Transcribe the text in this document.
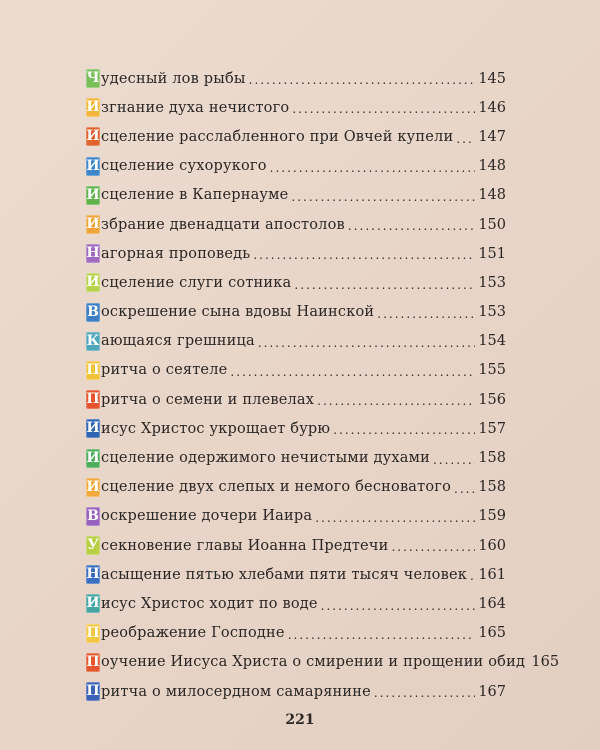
Ч удесный лов рыбы .....	145
И згнание духа нечистого .....	146
И сцеление расслабленного при Овчей купели ..... 147
И сцеление сухорукого .....	148
И сцеление в Капернауме .....	148
И збрание двенадцати апостолов .....	150
Н агорная проповедь .....	151
И сцеление слуги сотника .....	153
В оскрешение сына вдовы Наинской .....	153
К ающаяся грешница .....	154
П ритча о сеятеле .....	155
П ритча о семени и плевелах .....	156
И исус Христос укрощает бурю .....	157
И сцеление одержимого нечистыми духами .....	158
И сцеление двух слепых и немого бесноватого ..... 158
В оскрешение дочери Иаира .....	159
У секновение главы Иоанна Предтечи .....	160
Н асыщение пятью хлебами пяти тысяч человек ..... 161
И исус Христос ходит по воде .....	164
П реображение Господне .....	165
П оучение Иисуса Христа о смирении и прощении обид 165
П ритча о милосердном самарянине .....	167
221
